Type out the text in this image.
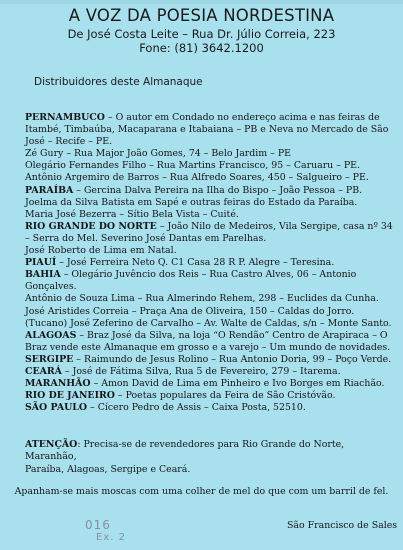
A VOZ DA POESIA NORDESTINA
De José Costa Leite – Rua Dr. Júlio Correia, 223
Fone: (81) 3642.1200
Distribuidores deste Almanaque
PERNAMBUCO – O autor em Condado no endereço acima e nas feiras de
Itambé, Timbaúba, Macaparana e Itabaiana – PB e Neva no Mercado de São
José – Recife – PE.
Zé Gury – Rua Major João Gomes, 74 – Belo Jardim – PE
Olegário Fernandes Filho – Rua Martins Francisco, 95 – Caruaru – PE.
Antônio Argemiro de Barros – Rua Alfredo Soares, 450 – Salgueiro – PE.
PARAÍBA – Gercina Dalva Pereira na Ilha do Bispo – João Pessoa – PB.
Joelma da Silva Batista em Sapé e outras feiras do Estado da Paraíba.
Maria José Bezerra – Sítio Bela Vista – Cuité.
RIO GRANDE DO NORTE – João Nilo de Medeiros, Vila Sergipe, casa nº 34
– Serra do Mel. Severino José Dantas em Parelhas.
José Roberto de Lima em Natal.
PIAUÍ – José Ferreira Neto Q. C1 Casa 28 R P. Alegre – Teresina.
BAHIA – Olegário Juvêncio dos Reis – Rua Castro Alves, 06 – Antonio
Gonçalves.
Antônio de Souza Lima – Rua Almerindo Rehem, 298 – Euclides da Cunha.
José Aristides Correia – Praça Ana de Oliveira, 150 – Caldas do Jorro.
(Tucano) José Zeferino de Carvalho – Av. Walte de Caldas, s/n – Monte Santo.
ALAGOAS – Braz José da Silva, na loja “O Rendão” Centro de Arapiraca – O
Braz vende este Almanaque em grosso e a varejo – Um mundo de novidades.
SERGIPE – Raimundo de Jesus Rolino – Rua Antonio Doria, 99 – Poço Verde.
CEARÁ – José de Fátima Silva, Rua 5 de Fevereiro, 279 – Itarema.
MARANHÃO – Amon David de Lima em Pinheiro e Ivo Borges em Riachão.
RIO DE JANEIRO – Poetas populares da Feira de São Cristóvão.
SÃO PAULO – Cícero Pedro de Assis – Caixa Posta, 52510.
ATENÇÃO: Precisa-se de revendedores para Rio Grande do Norte, Maranhão,
Paraíba, Alagoas, Sergipe e Ceará.
Apanham-se mais moscas com uma colher de mel do que com um barril de fel.
São Francisco de Sales
016
Ex. 2
